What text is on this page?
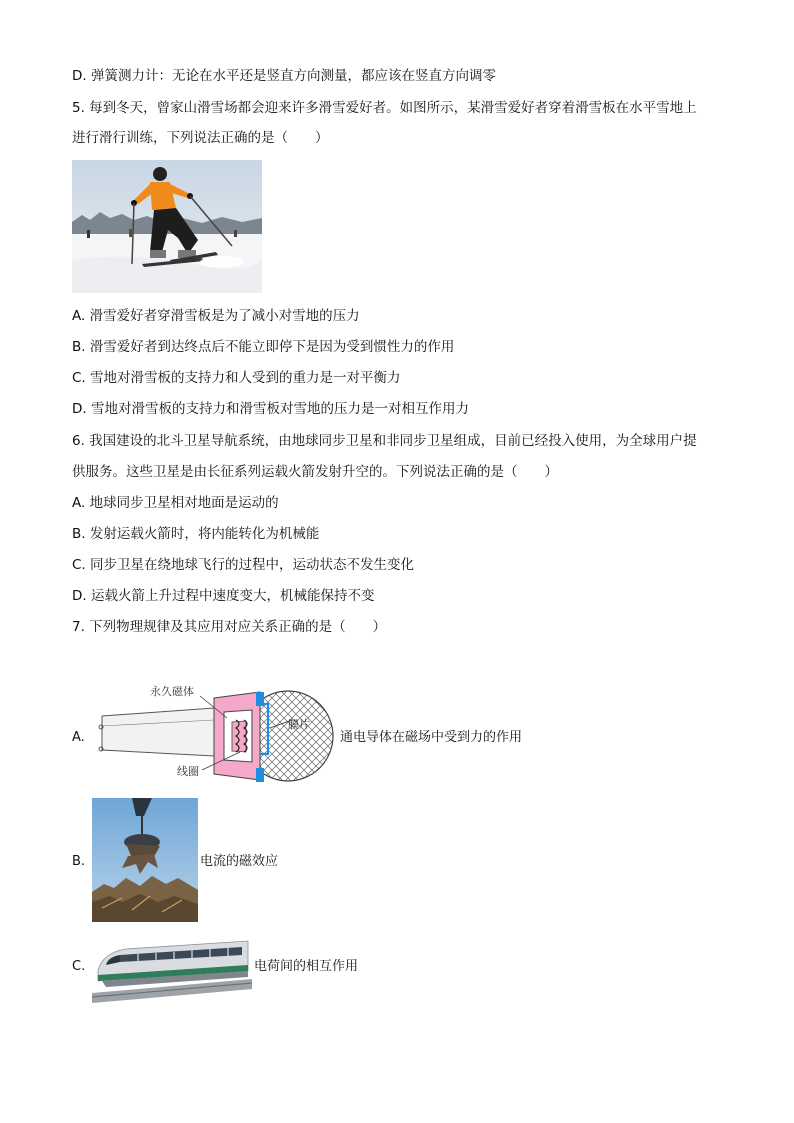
D. 弹簧测力计：无论在水平还是竖直方向测量，都应该在竖直方向调零
5. 每到冬天，曾家山滑雪场都会迎来许多滑雪爱好者。如图所示，某滑雪爱好者穿着滑雪板在水平雪地上
进行滑行训练，下列说法正确的是（　　）
A. 滑雪爱好者穿滑雪板是为了减小对雪地的压力
B. 滑雪爱好者到达终点后不能立即停下是因为受到惯性力的作用
C. 雪地对滑雪板的支持力和人受到的重力是一对平衡力
D. 雪地对滑雪板的支持力和滑雪板对雪地的压力是一对相互作用力
6. 我国建设的北斗卫星导航系统，由地球同步卫星和非同步卫星组成，目前已经投入使用，为全球用户提
供服务。这些卫星是由长征系列运载火箭发射升空的。下列说法正确的是（　　）
A. 地球同步卫星相对地面是运动的
B. 发射运载火箭时，将内能转化为机械能
C. 同步卫星在绕地球飞行的过程中，运动状态不发生变化
D. 运载火箭上升过程中速度变大，机械能保持不变
7. 下列物理规律及其应用对应关系正确的是（　　）
A.
永久磁体
膜片
线圈
通电导体在磁场中受到力的作用
B.	电流的磁效应
C.	电荷间的相互作用
